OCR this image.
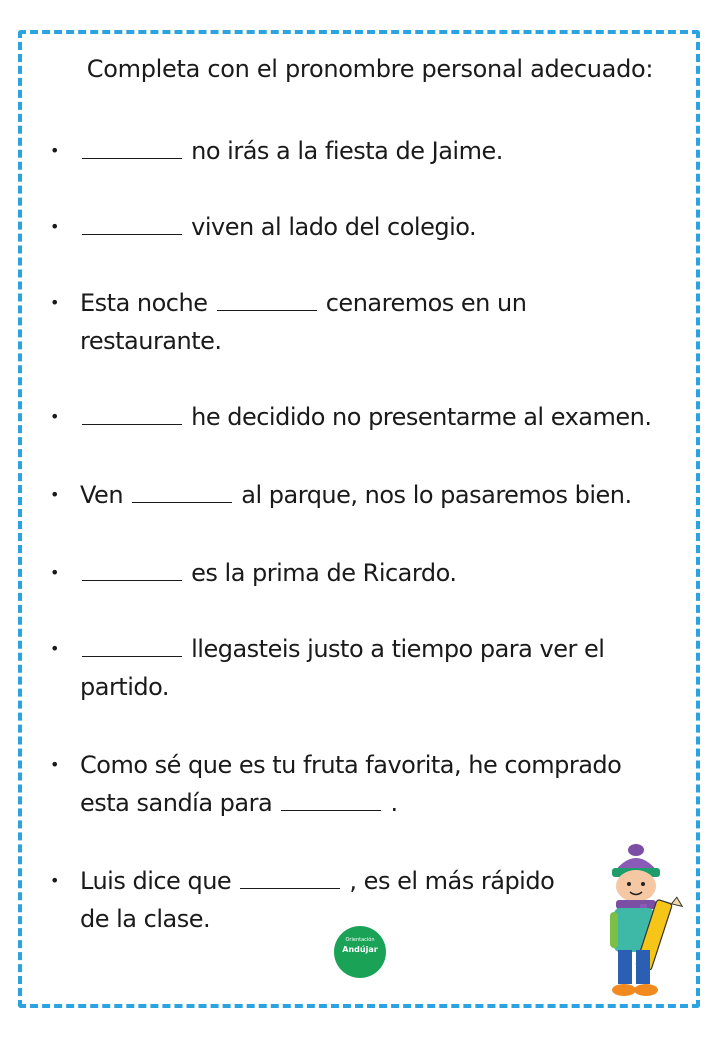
Completa con el pronombre personal adecuado:
•	no irás a la fiesta de Jaime.
•	viven al lado del colegio.
• Esta noche	cenaremos en un
restaurante.
•	he decidido no presentarme al examen.
• Ven	al parque, nos lo pasaremos bien.
•	es la prima de Ricardo.
•	llegasteis justo a tiempo para ver el
partido.
• Como sé que es tu fruta favorita, he comprado
esta sandía para	.
• Luis dice que	, es el más rápido
de la clase.
Orientación
Andújar
